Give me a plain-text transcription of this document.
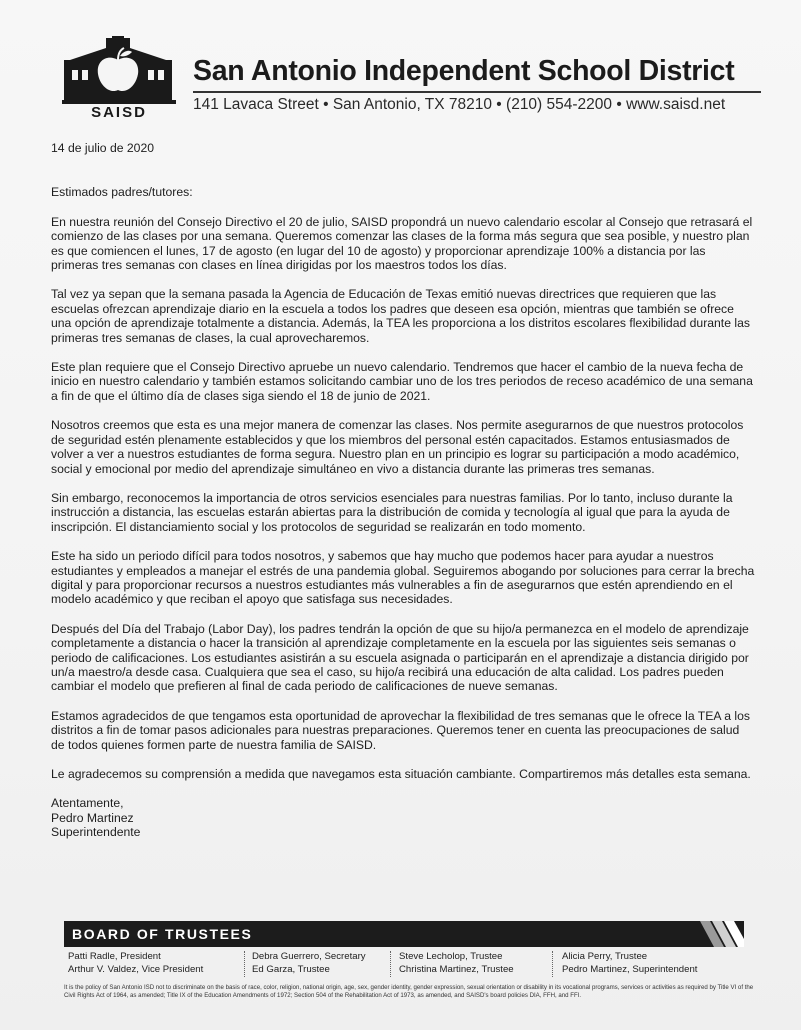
SAISD
San Antonio Independent School District
141 Lavaca Street • San Antonio, TX 78210 • (210) 554-2200 • www.saisd.net

14 de julio de 2020

Estimados padres/tutores:

En nuestra reunión del Consejo Directivo el 20 de julio, SAISD propondrá un nuevo calendario escolar al Consejo que retrasará el comienzo de las clases por una semana. Queremos comenzar las clases de la forma más segura que sea posible, y nuestro plan es que comiencen el lunes, 17 de agosto (en lugar del 10 de agosto) y proporcionar aprendizaje 100% a distancia por las primeras tres semanas con clases en línea dirigidas por los maestros todos los días.

Tal vez ya sepan que la semana pasada la Agencia de Educación de Texas emitió nuevas directrices que requieren que las escuelas ofrezcan aprendizaje diario en la escuela a todos los padres que deseen esa opción, mientras que también se ofrece una opción de aprendizaje totalmente a distancia. Además, la TEA les proporciona a los distritos escolares flexibilidad durante las primeras tres semanas de clases, la cual aprovecharemos.

Este plan requiere que el Consejo Directivo apruebe un nuevo calendario. Tendremos que hacer el cambio de la nueva fecha de inicio en nuestro calendario y también estamos solicitando cambiar uno de los tres periodos de receso académico de una semana a fin de que el último día de clases siga siendo el 18 de junio de 2021.

Nosotros creemos que esta es una mejor manera de comenzar las clases. Nos permite asegurarnos de que nuestros protocolos de seguridad estén plenamente establecidos y que los miembros del personal estén capacitados. Estamos entusiasmados de volver a ver a nuestros estudiantes de forma segura. Nuestro plan en un principio es lograr su participación a modo académico, social y emocional por medio del aprendizaje simultáneo en vivo a distancia durante las primeras tres semanas.

Sin embargo, reconocemos la importancia de otros servicios esenciales para nuestras familias. Por lo tanto, incluso durante la instrucción a distancia, las escuelas estarán abiertas para la distribución de comida y tecnología al igual que para la ayuda de inscripción. El distanciamiento social y los protocolos de seguridad se realizarán en todo momento.

Este ha sido un periodo difícil para todos nosotros, y sabemos que hay mucho que podemos hacer para ayudar a nuestros estudiantes y empleados a manejar el estrés de una pandemia global. Seguiremos abogando por soluciones para cerrar la brecha digital y para proporcionar recursos a nuestros estudiantes más vulnerables a fin de asegurarnos que estén aprendiendo en el modelo académico y que reciban el apoyo que satisfaga sus necesidades.

Después del Día del Trabajo (Labor Day), los padres tendrán la opción de que su hijo/a permanezca en el modelo de aprendizaje completamente a distancia o hacer la transición al aprendizaje completamente en la escuela por las siguientes seis semanas o periodo de calificaciones. Los estudiantes asistirán a su escuela asignada o participarán en el aprendizaje a distancia dirigido por un/a maestro/a desde casa. Cualquiera que sea el caso, su hijo/a recibirá una educación de alta calidad. Los padres pueden cambiar el modelo que prefieren al final de cada periodo de calificaciones de nueve semanas.

Estamos agradecidos de que tengamos esta oportunidad de aprovechar la flexibilidad de tres semanas que le ofrece la TEA a los distritos a fin de tomar pasos adicionales para nuestras preparaciones. Queremos tener en cuenta las preocupaciones de salud de todos quienes formen parte de nuestra familia de SAISD.

Le agradecemos su comprensión a medida que navegamos esta situación cambiante. Compartiremos más detalles esta semana.

Atentamente,

Pedro Martinez

Superintendente

BOARD OF TRUSTEES
Patti Radle, President
Arthur V. Valdez, Vice President
Debra Guerrero, Secretary
Ed Garza, Trustee
Steve Lecholop, Trustee
Christina Martinez, Trustee
Alicia Perry, Trustee
Pedro Martinez, Superintendent
It is the policy of San Antonio ISD not to discriminate on the basis of race, color, religion, national origin, age, sex, gender identity, gender expression, sexual orientation or disability in its vocational programs, services or activities as required by Title VI of the Civil Rights Act of 1964, as amended; Title IX of the Education Amendments of 1972; Section 504 of the Rehabilitation Act of 1973, as amended, and SAISD's board policies DIA, FFH, and FFI.
